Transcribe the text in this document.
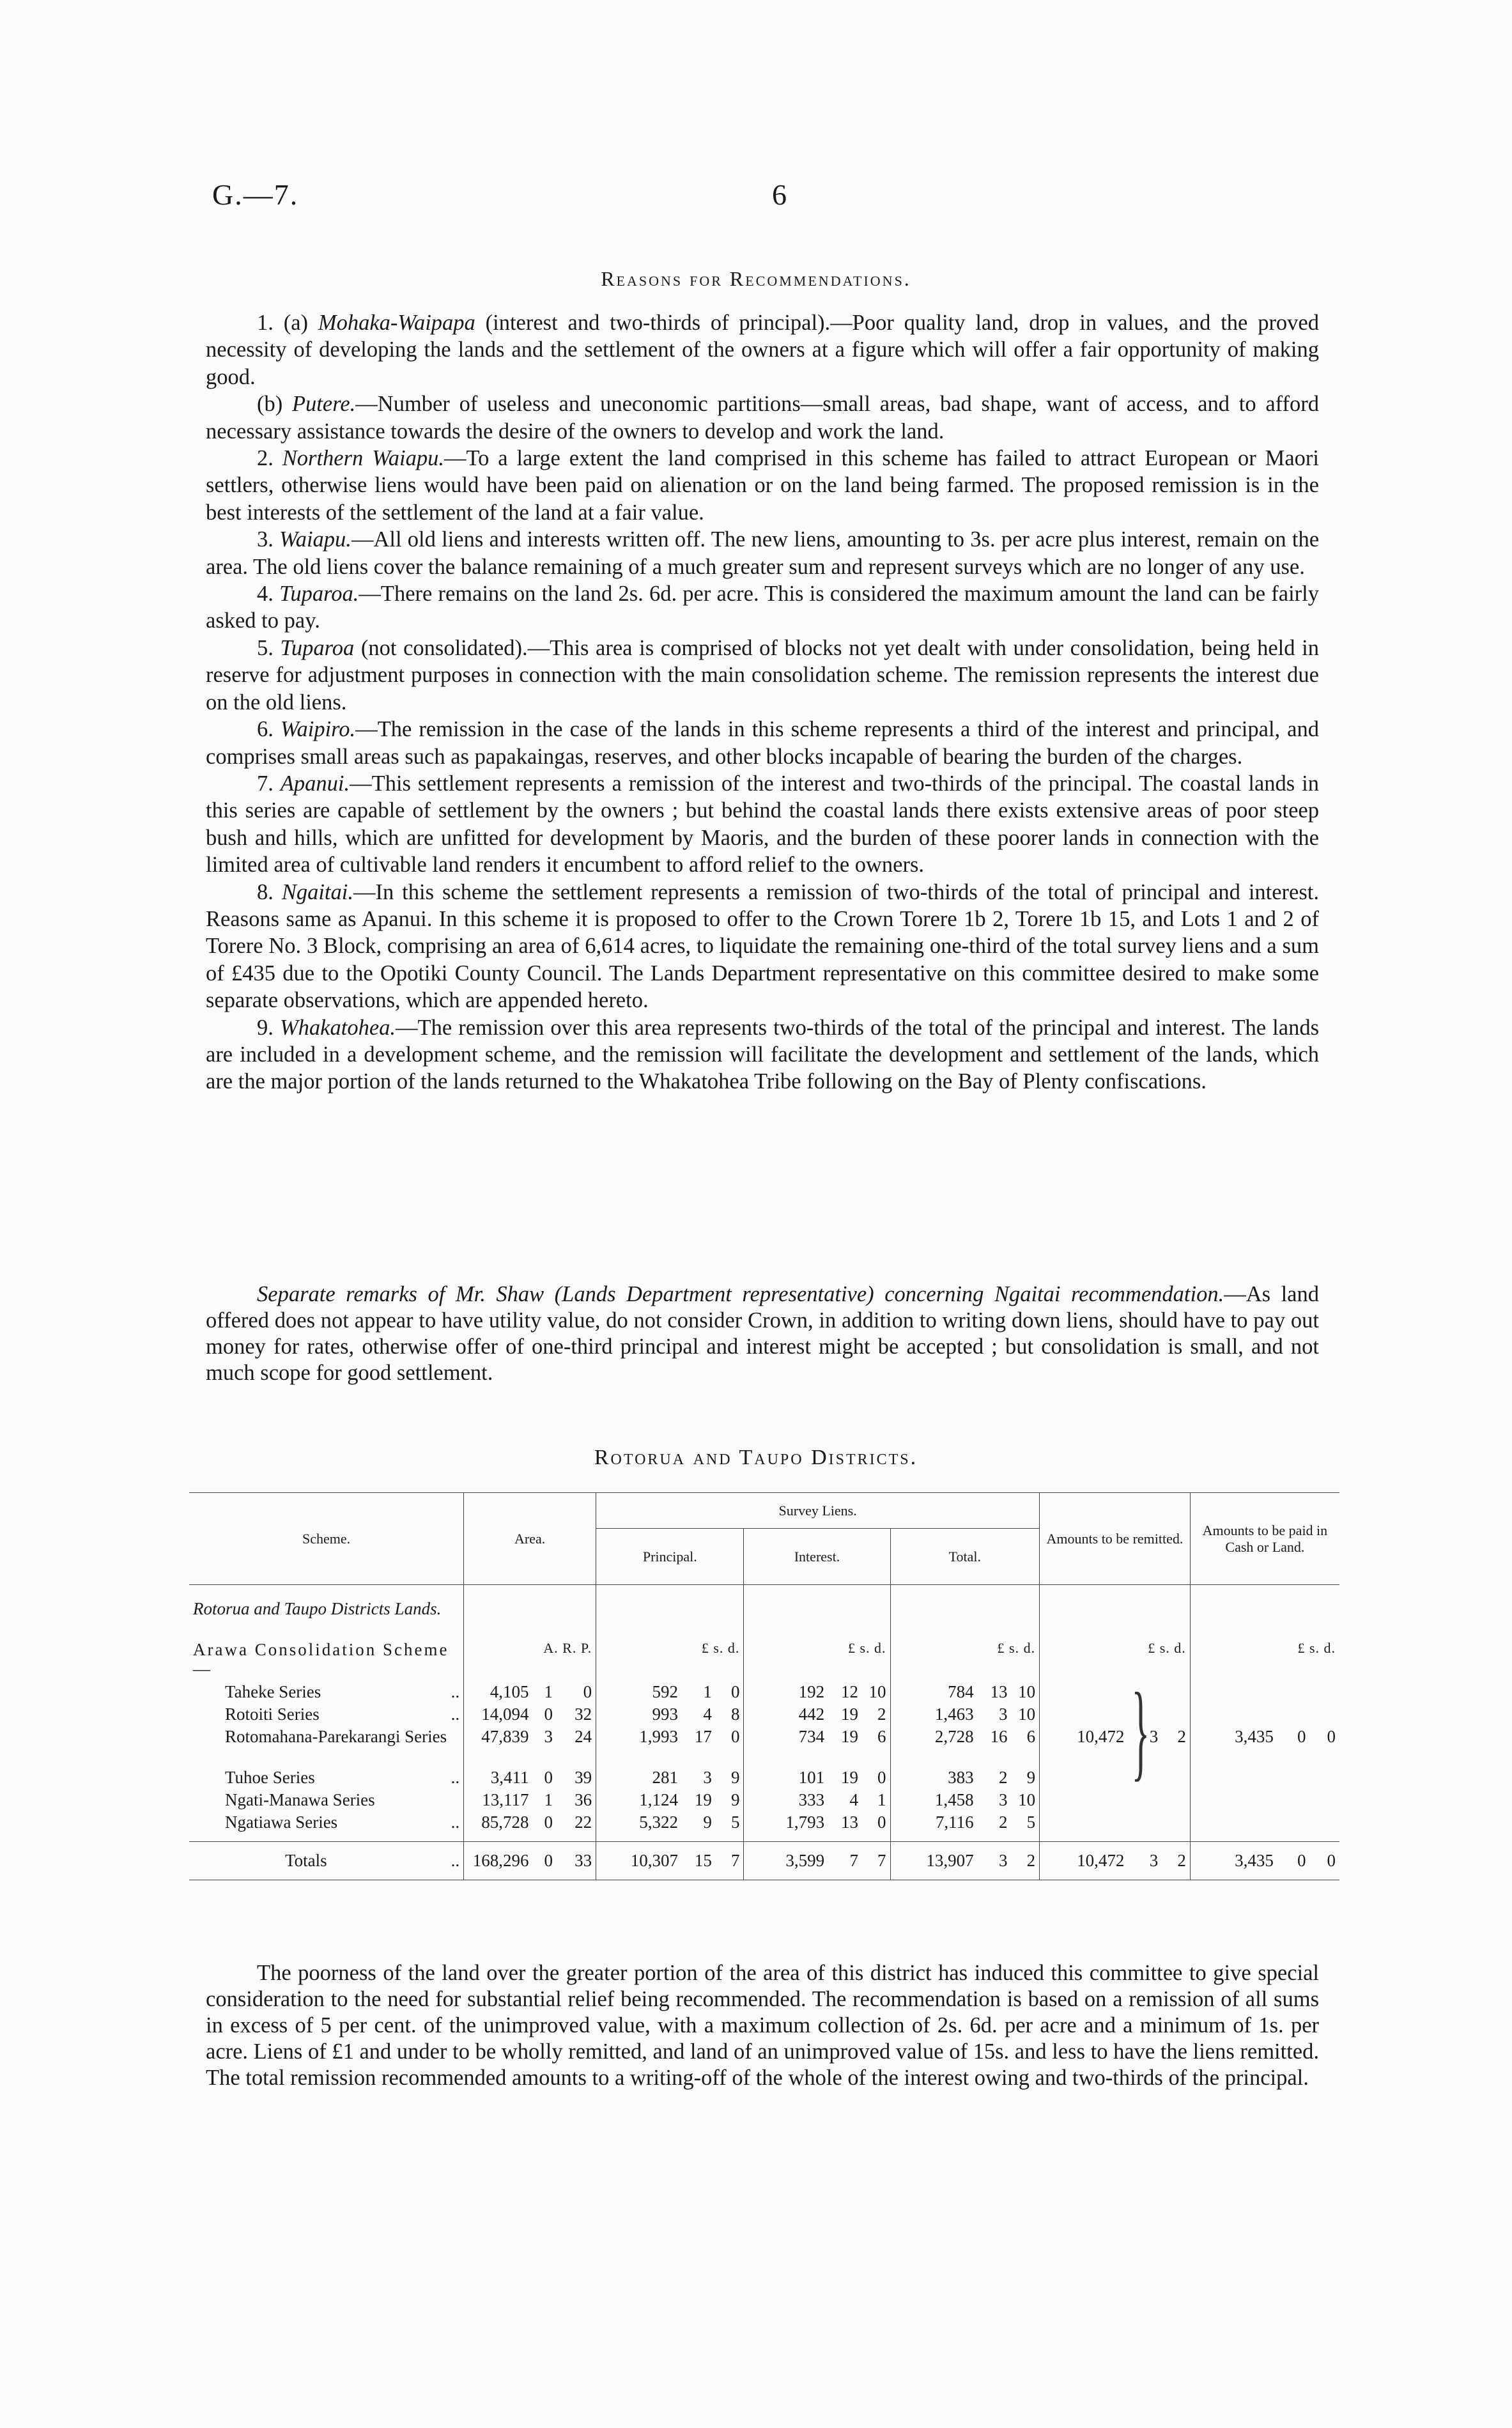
G.—7.	6
Reasons for Recommendations.

1. (a) Mohaka-Waipapa (interest and two-thirds of principal).—Poor quality land, drop in values, and the proved necessity of developing the lands and the settlement of the owners at a figure which will offer a fair opportunity of making good.

(b) Putere.—Number of useless and uneconomic partitions—small areas, bad shape, want of access, and to afford necessary assistance towards the desire of the owners to develop and work the land.

2. Northern Waiapu.—To a large extent the land comprised in this scheme has failed to attract European or Maori settlers, otherwise liens would have been paid on alienation or on the land being farmed. The proposed remission is in the best interests of the settlement of the land at a fair value.

3. Waiapu.—All old liens and interests written off. The new liens, amounting to 3s. per acre plus interest, remain on the area. The old liens cover the balance remaining of a much greater sum and represent surveys which are no longer of any use.

4. Tuparoa.—There remains on the land 2s. 6d. per acre. This is considered the maximum amount the land can be fairly asked to pay.

5. Tuparoa (not consolidated).—This area is comprised of blocks not yet dealt with under consolidation, being held in reserve for adjustment purposes in connection with the main consolidation scheme. The remission represents the interest due on the old liens.

6. Waipiro.—The remission in the case of the lands in this scheme represents a third of the interest and principal, and comprises small areas such as papakaingas, reserves, and other blocks incapable of bearing the burden of the charges.

7. Apanui.—This settlement represents a remission of the interest and two-thirds of the principal. The coastal lands in this series are capable of settlement by the owners ; but behind the coastal lands there exists extensive areas of poor steep bush and hills, which are unfitted for development by Maoris, and the burden of these poorer lands in connection with the limited area of cultivable land renders it encumbent to afford relief to the owners.

8. Ngaitai.—In this scheme the settlement represents a remission of two-thirds of the total of principal and interest. Reasons same as Apanui. In this scheme it is proposed to offer to the Crown Torere 1b 2, Torere 1b 15, and Lots 1 and 2 of Torere No. 3 Block, comprising an area of 6,614 acres, to liquidate the remaining one-third of the total survey liens and a sum of £435 due to the Opotiki County Council. The Lands Department representative on this committee desired to make some separate observations, which are appended hereto.

9. Whakatohea.—The remission over this area represents two-thirds of the total of the principal and interest. The lands are included in a development scheme, and the remission will facilitate the development and settlement of the lands, which are the major portion of the lands returned to the Whakatohea Tribe following on the Bay of Plenty confiscations.

Separate remarks of Mr. Shaw (Lands Department representative) concerning Ngaitai recommendation.—As land offered does not appear to have utility value, do not consider Crown, in addition to writing down liens, should have to pay out money for rates, otherwise offer of one-third principal and interest might be accepted ; but consolidation is small, and not much scope for good settlement.

Rotorua and Taupo Districts.
Scheme.	Area.			Survey Liens.									Amounts to be remitted.			Amounts to be paid in Cash or Land.		
				Principal.			Interest.			Total.								
Rotorua and Taupo Districts Lands.																		
Arawa Consolidation Scheme—	A. R. P.			£ s. d.			£ s. d.			£ s. d.			£ s. d.			£ s. d.		
Taheke Series ..	4,105	1	0	592	1	0	192	12	10	784	13	10						
Rotoiti Series ..	14,094	0	32	993	4	8	442	19	2	1,463	3	10						
Rotomahana-Parekarangi Series	47,839	3	24	1,993	17	0	734	19	6	2,728	16	6	10,472	3	2	3,435	0	0
Tuhoe Series ..	3,411	0	39	281	3	9	101	19	0	383	2	9						
Ngati-Manawa Series	13,117	1	36	1,124	19	9	333	4	1	1,458	3	10						
Ngatiawa Series ..	85,728	0	22	5,322	9	5	1,793	13	0	7,116	2	5						
Totals ..	168,296	0	33	10,307	15	7	3,599	7	7	13,907	3	2	10,472	3	2	3,435	0	0
}

The poorness of the land over the greater portion of the area of this district has induced this committee to give special consideration to the need for substantial relief being recommended. The recommendation is based on a remission of all sums in excess of 5 per cent. of the unimproved value, with a maximum collection of 2s. 6d. per acre and a minimum of 1s. per acre. Liens of £1 and under to be wholly remitted, and land of an unimproved value of 15s. and less to have the liens remitted. The total remission recommended amounts to a writing-off of the whole of the interest owing and two-thirds of the principal.
